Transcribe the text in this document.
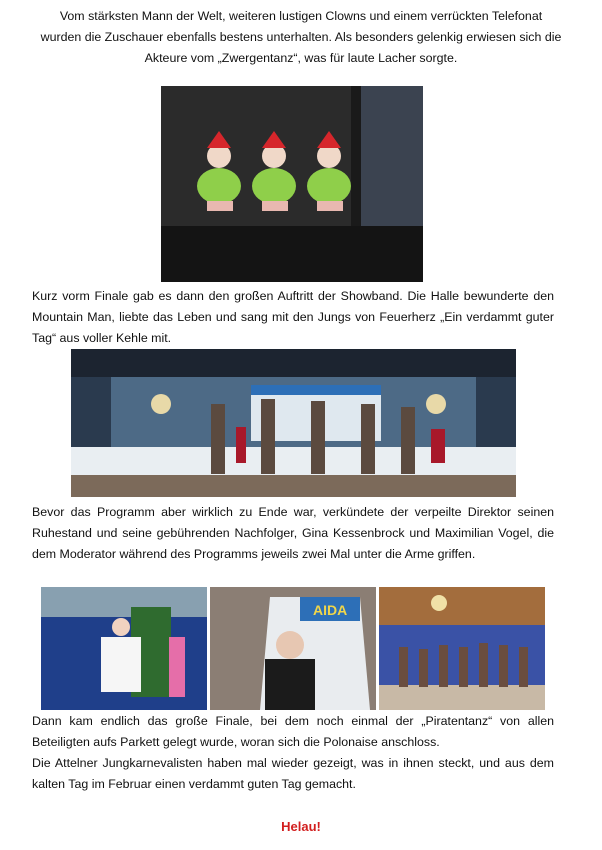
Vom stärksten Mann der Welt, weiteren lustigen Clowns und einem verrückten Telefonat wurden die Zuschauer ebenfalls bestens unterhalten. Als besonders gelenkig erwiesen sich die Akteure vom „Zwergentanz“, was für laute Lacher sorgte.
Kurz vorm Finale gab es dann den großen Auftritt der Showband. Die Halle bewunderte den Mountain Man, liebte das Leben und sang mit den Jungs von Feuerherz „Ein verdammt guter Tag“ aus voller Kehle mit.
Bevor das Programm aber wirklich zu Ende war, verkündete der verpeilte Direktor seinen Ruhestand und seine gebührenden Nachfolger, Gina Kessenbrock und Maximilian Vogel, die dem Moderator während des Programms jeweils zwei Mal unter die Arme griffen.
AIDA
Dann kam endlich das große Finale, bei dem noch einmal der „Piratentanz“ von allen Beteiligten aufs Parkett gelegt wurde, woran sich die Polonaise anschloss.
Die Attelner Jungkarnevalisten haben mal wieder gezeigt, was in ihnen steckt, und aus dem kalten Tag im Februar einen verdammt guten Tag gemacht.
Helau!
